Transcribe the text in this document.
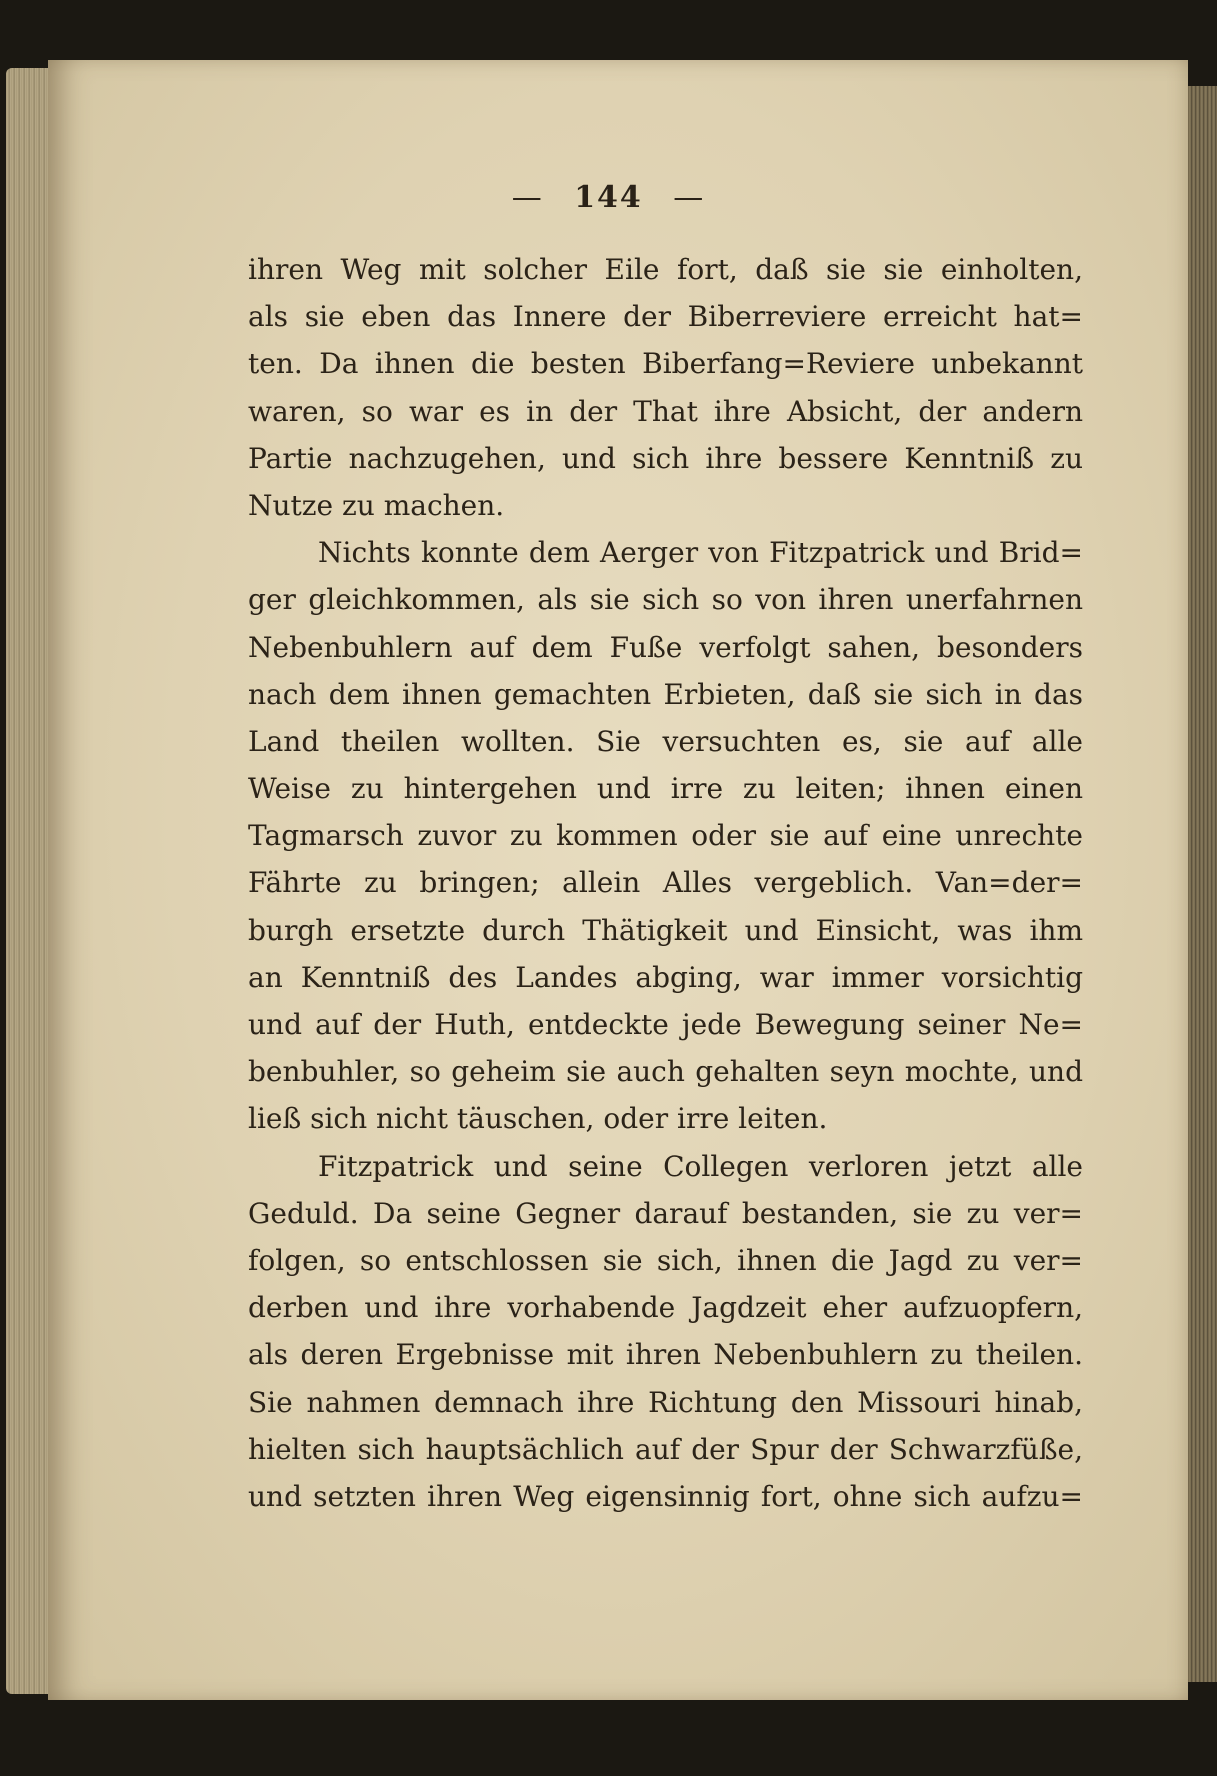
— 144 —
ihren Weg mit solcher Eile fort, daß sie sie einholten,
als sie eben das Innere der Biberreviere erreicht hat=
ten. Da ihnen die besten Biberfang=Reviere unbekannt
waren, so war es in der That ihre Absicht, der andern
Partie nachzugehen, und sich ihre bessere Kenntniß zu
Nutze zu machen.
Nichts konnte dem Aerger von Fitzpatrick und Brid=
ger gleichkommen, als sie sich so von ihren unerfahrnen
Nebenbuhlern auf dem Fuße verfolgt sahen, besonders
nach dem ihnen gemachten Erbieten, daß sie sich in das
Land theilen wollten. Sie versuchten es, sie auf alle
Weise zu hintergehen und irre zu leiten; ihnen einen
Tagmarsch zuvor zu kommen oder sie auf eine unrechte
Fährte zu bringen; allein Alles vergeblich. Van=der=
burgh ersetzte durch Thätigkeit und Einsicht, was ihm
an Kenntniß des Landes abging, war immer vorsichtig
und auf der Huth, entdeckte jede Bewegung seiner Ne=
benbuhler, so geheim sie auch gehalten seyn mochte, und
ließ sich nicht täuschen, oder irre leiten.
Fitzpatrick und seine Collegen verloren jetzt alle
Geduld. Da seine Gegner darauf bestanden, sie zu ver=
folgen, so entschlossen sie sich, ihnen die Jagd zu ver=
derben und ihre vorhabende Jagdzeit eher aufzuopfern,
als deren Ergebnisse mit ihren Nebenbuhlern zu theilen.
Sie nahmen demnach ihre Richtung den Missouri hinab,
hielten sich hauptsächlich auf der Spur der Schwarzfüße,
und setzten ihren Weg eigensinnig fort, ohne sich aufzu=
